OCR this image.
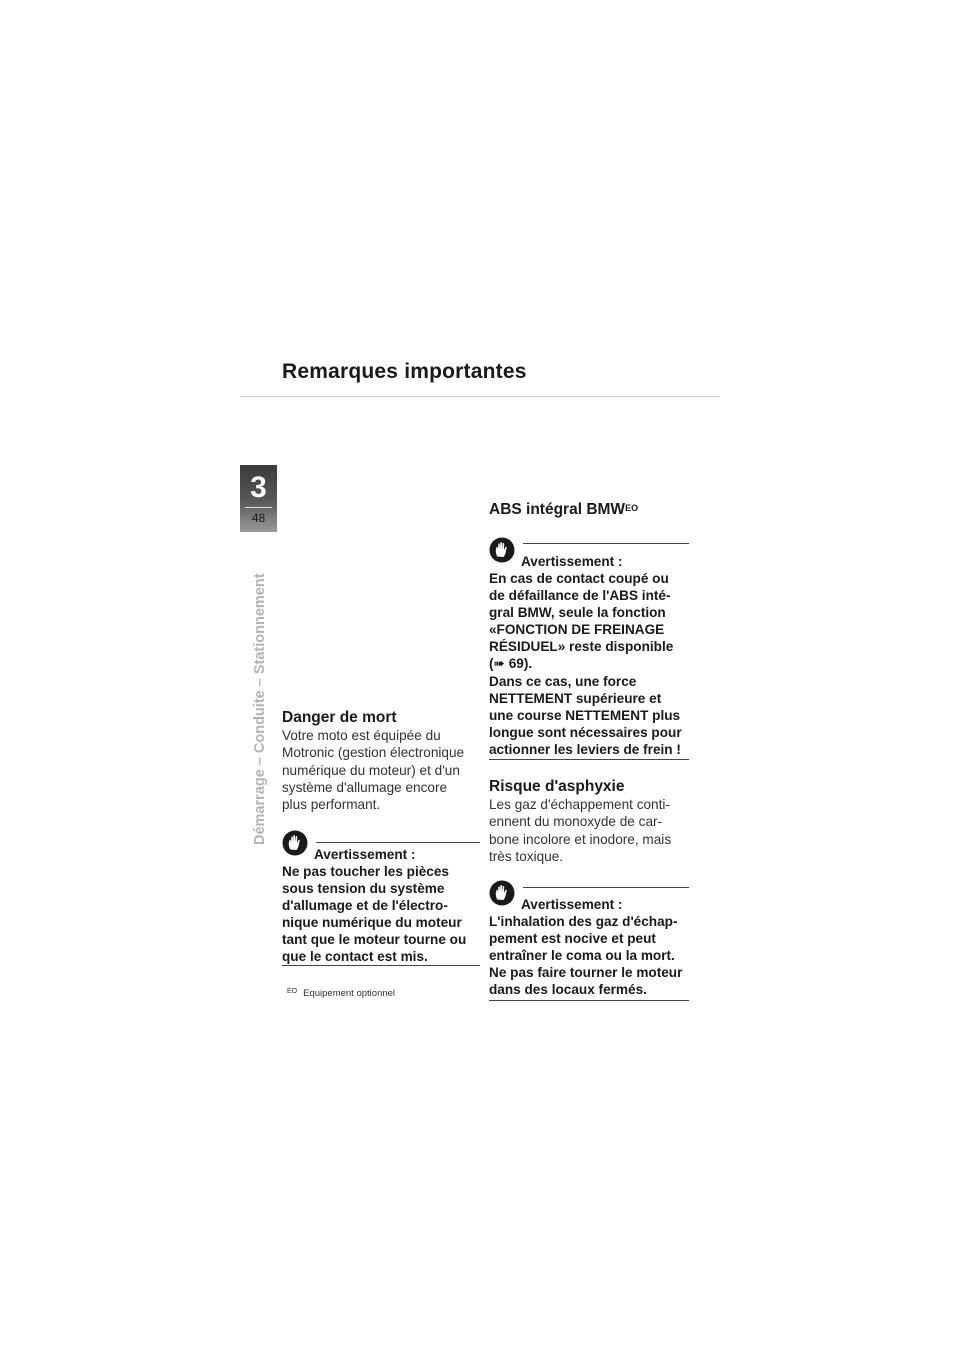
Remarques importantes
3
48
Démarrage – Conduite – Stationnement Danger de mort

Votre moto est équipée du
Motronic (gestion électronique
numérique du moteur) et d'un
système d'allumage encore
plus performant.
Avertissement :
Ne pas toucher les pièces
sous tension du système
d'allumage et de l'électro-
nique numérique du moteur
tant que le moteur tourne ou
que le contact est mis.
$^{EO}$ Equipement optionnel

ABS intégral $BMW^{EO}$

Avertissement :
En cas de contact coupé ou
de défaillance de l'ABS inté-
gral BMW, seule la fonction
«FONCTION DE FREINAGE
RÉSIDUEL» reste disponible
(➠ 69).
Dans ce cas, une force
NETTEMENT supérieure et
une course NETTEMENT plus
longue sont nécessaires pour
actionner les leviers de frein !

Risque d'asphyxie

Les gaz d'échappement conti-
ennent du monoxyde de car-
bone incolore et inodore, mais
très toxique.
Avertissement :
L'inhalation des gaz d'échap-
pement est nocive et peut
entraîner le coma ou la mort.
Ne pas faire tourner le moteur
dans des locaux fermés.
